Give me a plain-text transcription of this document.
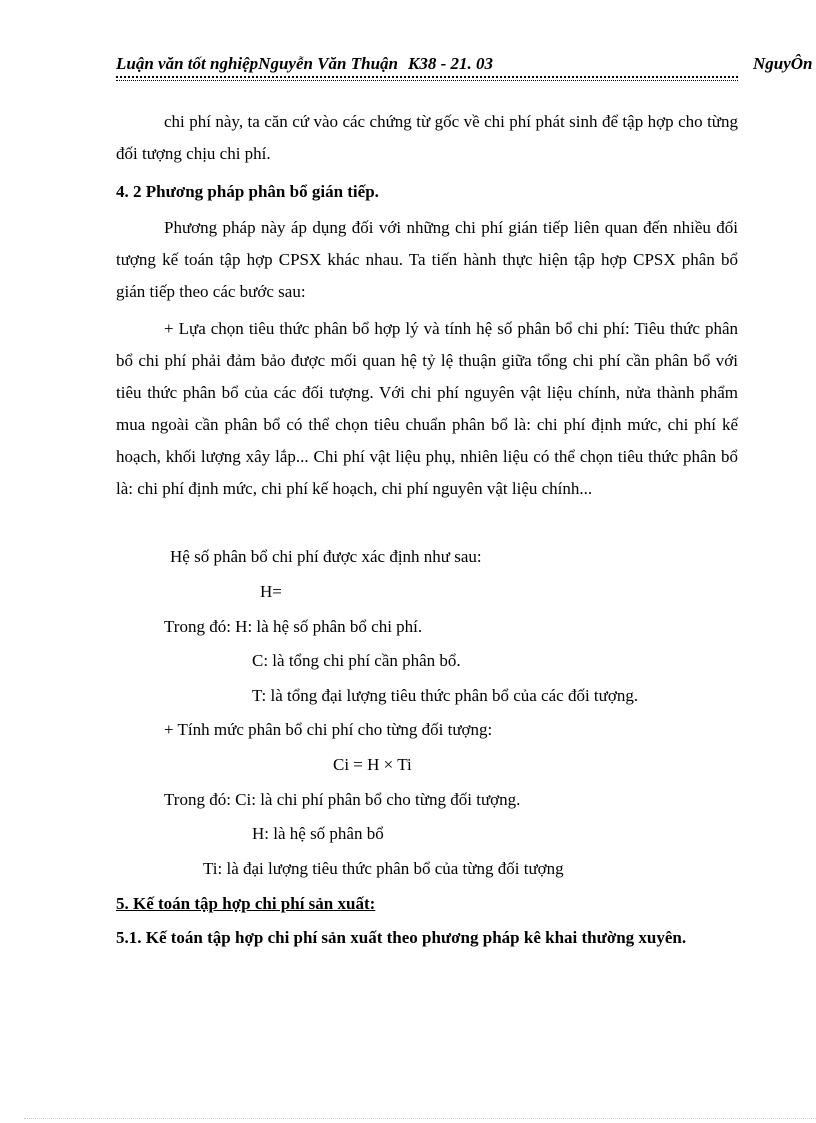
Luận văn tốt nghiệpNguyễn Văn Thuận K38 - 21. 03	NguyÔn
chi phí này, ta căn cứ vào các chứng từ gốc về chi phí phát sinh để tập hợp cho từng đối tượng chịu chi phí.
4. 2 Phương pháp phân bổ gián tiếp.
Phương pháp này áp dụng đối với những chi phí gián tiếp liên quan đến nhiều đối tượng kế toán tập hợp CPSX khác nhau. Ta tiến hành thực hiện tập hợp CPSX phân bổ gián tiếp theo các bước sau:
+ Lựa chọn tiêu thức phân bổ hợp lý và tính hệ số phân bổ chi phí: Tiêu thức phân bổ chi phí phải đảm bảo được mối quan hệ tỷ lệ thuận giữa tổng chi phí cần phân bổ với tiêu thức phân bổ của các đối tượng. Với chi phí nguyên vật liệu chính, nửa thành phẩm mua ngoài cần phân bổ có thể chọn tiêu chuẩn phân bổ là: chi phí định mức, chi phí kế hoạch, khối lượng xây lắp... Chi phí vật liệu phụ, nhiên liệu có thể chọn tiêu thức phân bổ là: chi phí định mức, chi phí kế hoạch, chi phí nguyên vật liệu chính...
Hệ số phân bổ chi phí được xác định như sau:
H=
Trong đó: H: là hệ số phân bổ chi phí.
C: là tổng chi phí cần phân bổ.
T: là tổng đại lượng tiêu thức phân bổ của các đối tượng.
+ Tính mức phân bổ chi phí cho từng đối tượng:
Ci = H × Ti
Trong đó: Ci: là chi phí phân bổ cho từng đối tượng.
H: là hệ số phân bổ
Ti: là đại lượng tiêu thức phân bổ của từng đối tượng
5. Kế toán tập hợp chi phí sản xuất:
5.1. Kế toán tập hợp chi phí sản xuất theo phương pháp kê khai thường xuyên.
